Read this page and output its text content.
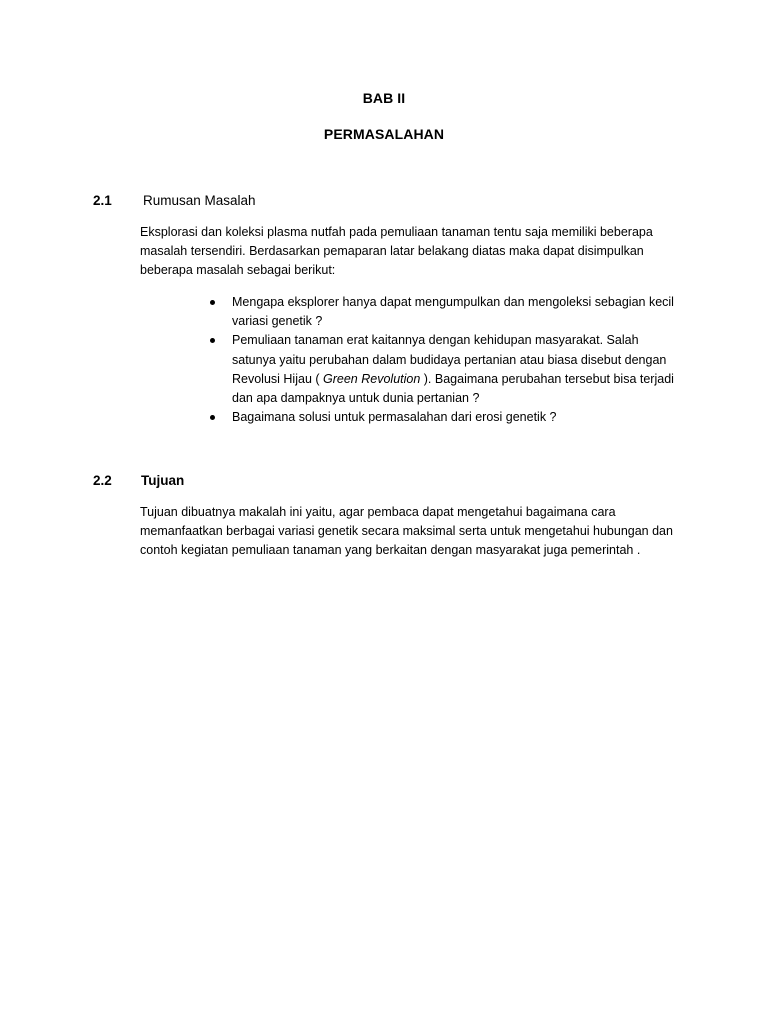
BAB II
PERMASALAHAN
2.1 Rumusan Masalah

Eksplorasi dan koleksi plasma nutfah pada pemuliaan tanaman tentu saja memiliki beberapa masalah tersendiri. Berdasarkan pemaparan latar belakang diatas maka dapat disimpulkan beberapa masalah sebagai berikut:

Mengapa eksplorer hanya dapat mengumpulkan dan mengoleksi sebagian kecil variasi genetik ?
Pemuliaan tanaman erat kaitannya dengan kehidupan masyarakat. Salah satunya yaitu perubahan dalam budidaya pertanian atau biasa disebut dengan Revolusi Hijau ( Green Revolution ). Bagaimana perubahan tersebut bisa terjadi dan apa dampaknya untuk dunia pertanian ?
Bagaimana solusi untuk permasalahan dari erosi genetik ?
2.2 Tujuan

Tujuan dibuatnya makalah ini yaitu, agar pembaca dapat mengetahui bagaimana cara memanfaatkan berbagai variasi genetik secara maksimal serta untuk mengetahui hubungan dan contoh kegiatan pemuliaan tanaman yang berkaitan dengan masyarakat juga pemerintah .
